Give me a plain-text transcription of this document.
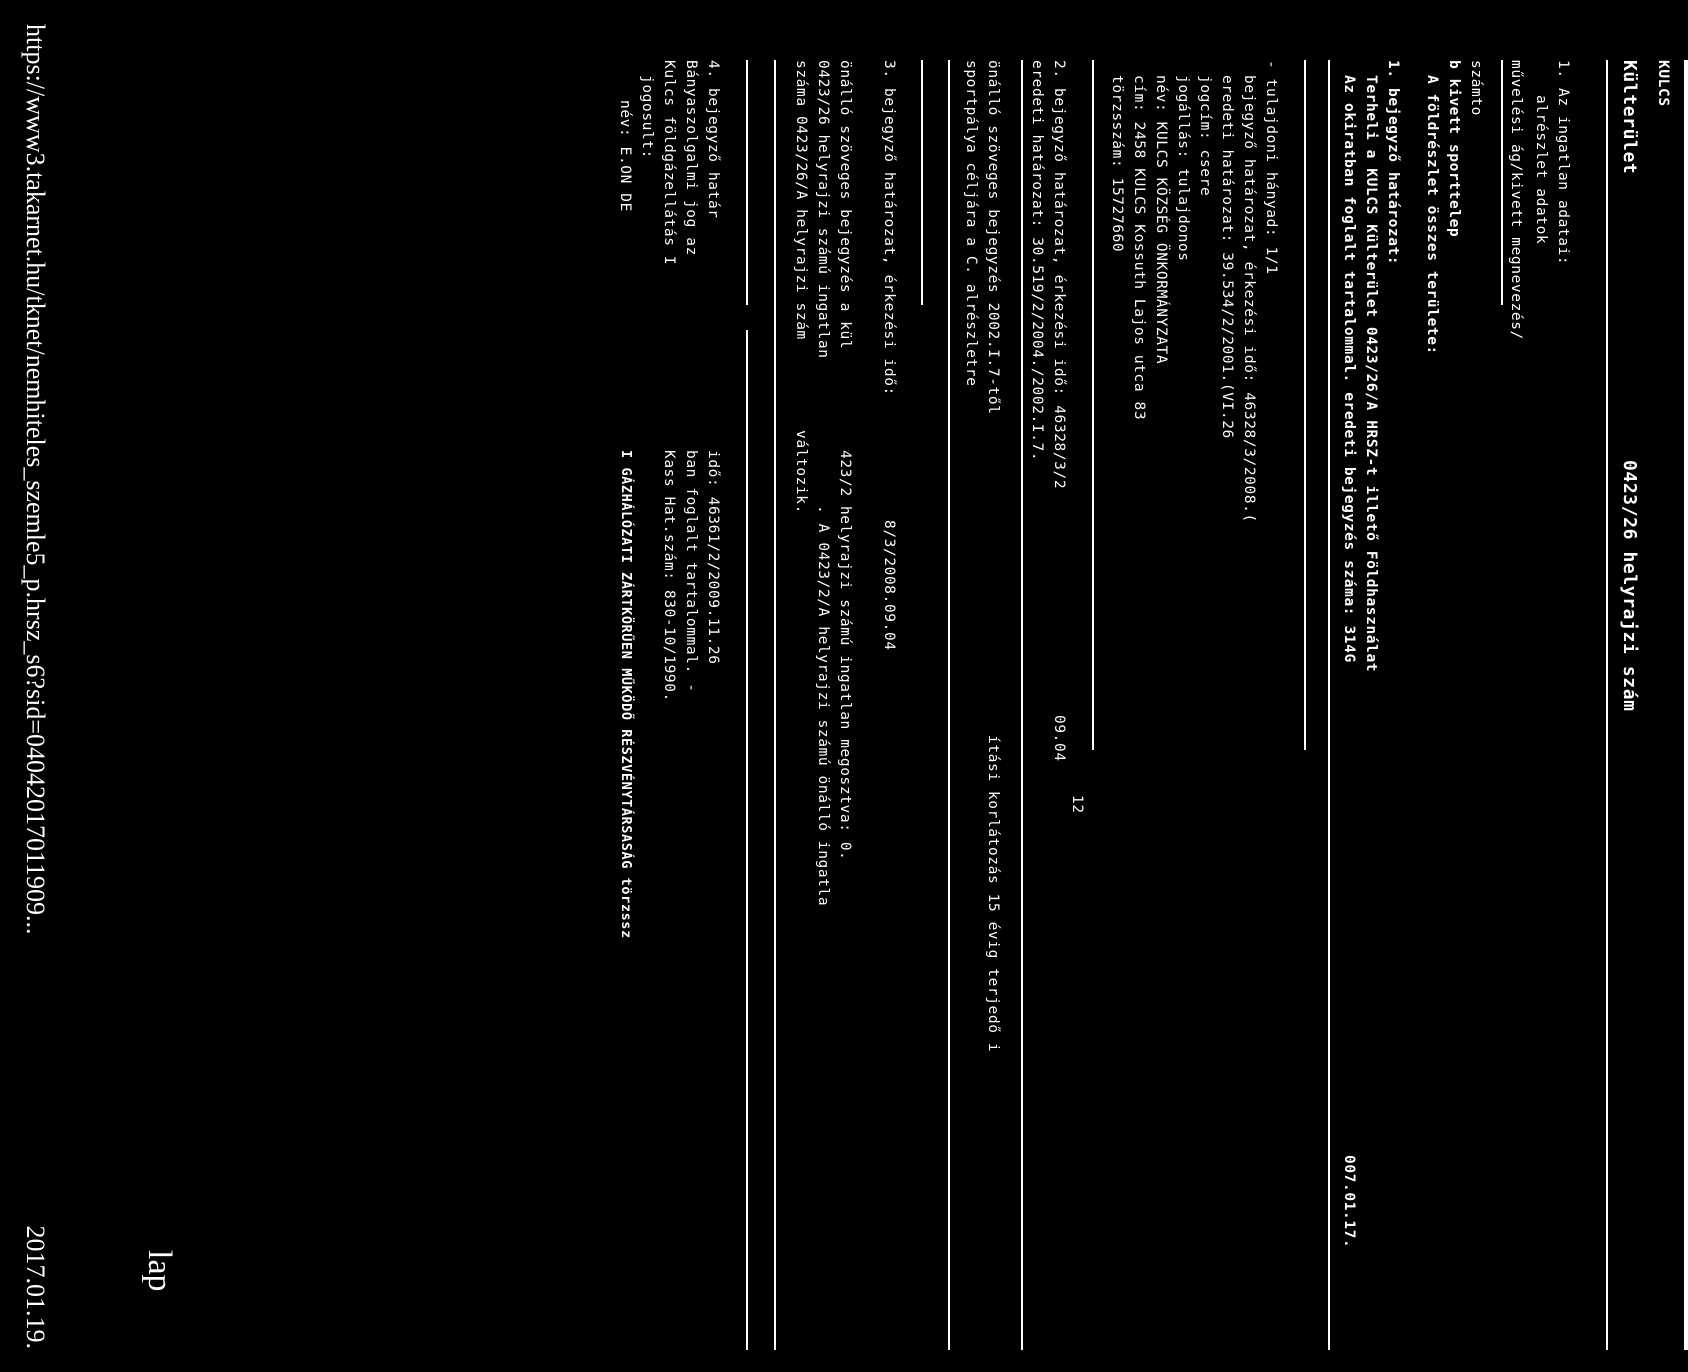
KULCS
Külterület
0423/26 helyrajzi szám
1. Az ingatlan adatai:
alrészlet adatok
művelési ág/kivett megnevezés/
számto
b kivett sporttelep
A földrészlet összes területe:
1. bejegyző határozat:
Terheli a KULCS Külterület 0423/26/A HRSZ-t illető Földhasználat
Az okiratban foglalt tartalommal. eredeti bejegyzés száma: 314G
007.01.17.
- tulajdoni hányad: 1/1
bejegyző határozat, érkezési idő: 46328/3/2008.(
eredeti határozat: 39.534/2/2001.(VI.26
jogcím: csere
jogállás: tulajdonos
név: KULCS KÖZSÉG ÖNKORMÁNYZATA
cím: 2458 KULCS Kossuth Lajos utca 83
törzsszám: 15727660
2. bejegyző határozat, érkezési idő: 46328/3/2
09.04
12
eredeti határozat: 30.519/2/2004./2002.I.7.
önálló szöveges bejegyzés 2002.I.7-től
ítási korlátozás 15 évig terjedő i
sportpálya céljára a C. alrészletre
3. bejegyző határozat, érkezési idő:
8/3/2008.09.04
önálló szöveges bejegyzés a kül
423/2 helyrajzi számú ingatlan megosztva: 0.
0423/26 helyrajzi számú ingatlan
. A 0423/2/A helyrajzi számú önálló ingatla
száma 0423/26/A helyrajzi szám
változik.
4. bejegyző határ
idő: 46361/2/2009.11.26
Bányaszolgalmi jog az
ban foglalt tartalommal. -
Kulcs földgázellátás I
Kass Hat.szám: 830-10/1990.
jogosult:
név: E.ON DE
I GÁZHÁLÓZATI ZÁRTKÖRŰEN MŰKÖDŐ RÉSZVÉNYTÁRSASÁG törzssz
lap
https://www3.takarnet.hu/tknet/nemhiteles_szemle5_p.hrsz_s6?sid=04042017011909...
2017.01.19.
